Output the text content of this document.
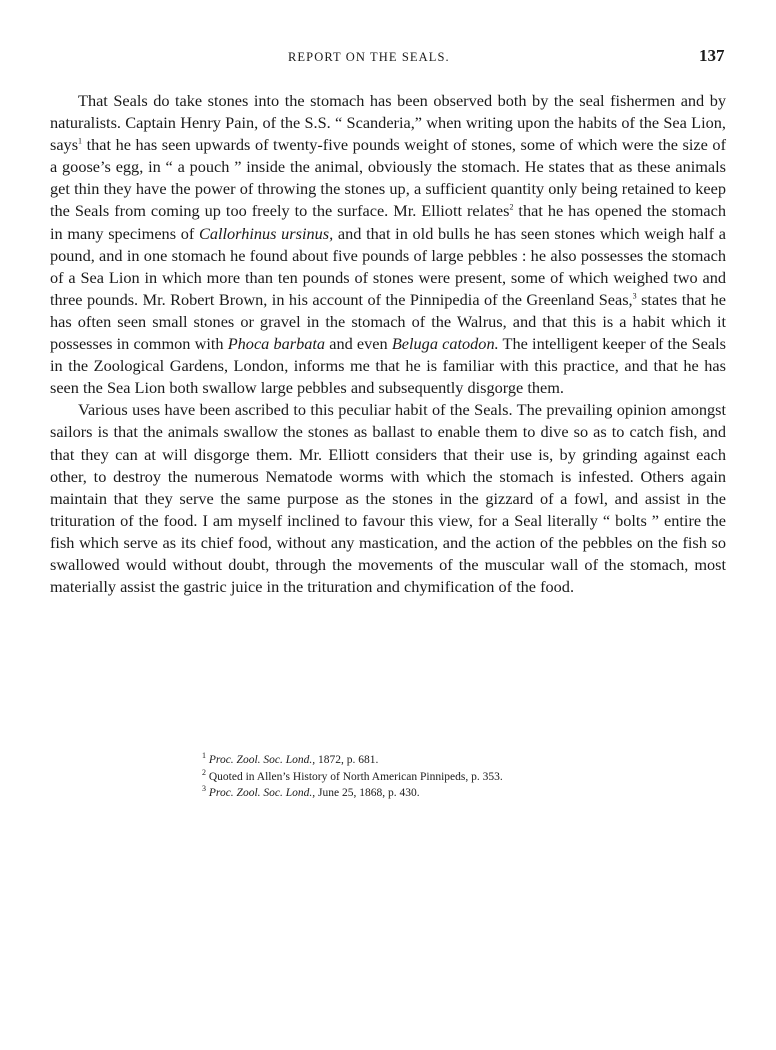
REPORT ON THE SEALS.	137

That Seals do take stones into the stomach has been observed both by the seal fishermen and by naturalists. Captain Henry Pain, of the S.S. “ Scanderia,” when writing upon the habits of the Sea Lion, says$^1$ that he has seen upwards of twenty-five pounds weight of stones, some of which were the size of a goose’s egg, in “ a pouch ” inside the animal, obviously the stomach. He states that as these animals get thin they have the power of throwing the stones up, a sufficient quantity only being retained to keep the Seals from coming up too freely to the surface. Mr. Elliott relates$^2$ that he has opened the stomach in many specimens of Callorhinus ursinus, and that in old bulls he has seen stones which weigh half a pound, and in one stomach he found about five pounds of large pebbles : he also possesses the stomach of a Sea Lion in which more than ten pounds of stones were present, some of which weighed two and three pounds. Mr. Robert Brown, in his account of the Pinnipedia of the Greenland Seas,$^3$ states that he has often seen small stones or gravel in the stomach of the Walrus, and that this is a habit which it possesses in common with Phoca barbata and even Beluga catodon. The intelligent keeper of the Seals in the Zoological Gardens, London, informs me that he is familiar with this practice, and that he has seen the Sea Lion both swallow large pebbles and subsequently disgorge them.

Various uses have been ascribed to this peculiar habit of the Seals. The prevailing opinion amongst sailors is that the animals swallow the stones as ballast to enable them to dive so as to catch fish, and that they can at will disgorge them. Mr. Elliott considers that their use is, by grinding against each other, to destroy the numerous Nematode worms with which the stomach is infested. Others again maintain that they serve the same purpose as the stones in the gizzard of a fowl, and assist in the trituration of the food. I am myself inclined to favour this view, for a Seal literally “ bolts ” entire the fish which serve as its chief food, without any mastication, and the action of the pebbles on the fish so swallowed would without doubt, through the movements of the muscular wall of the stomach, most materially assist the gastric juice in the trituration and chymification of the food.

$^1$ Proc. Zool. Soc. Lond., 1872, p. 681.

$^2$ Quoted in Allen’s History of North American Pinnipeds, p. 353.

$^3$ Proc. Zool. Soc. Lond., June 25, 1868, p. 430.
